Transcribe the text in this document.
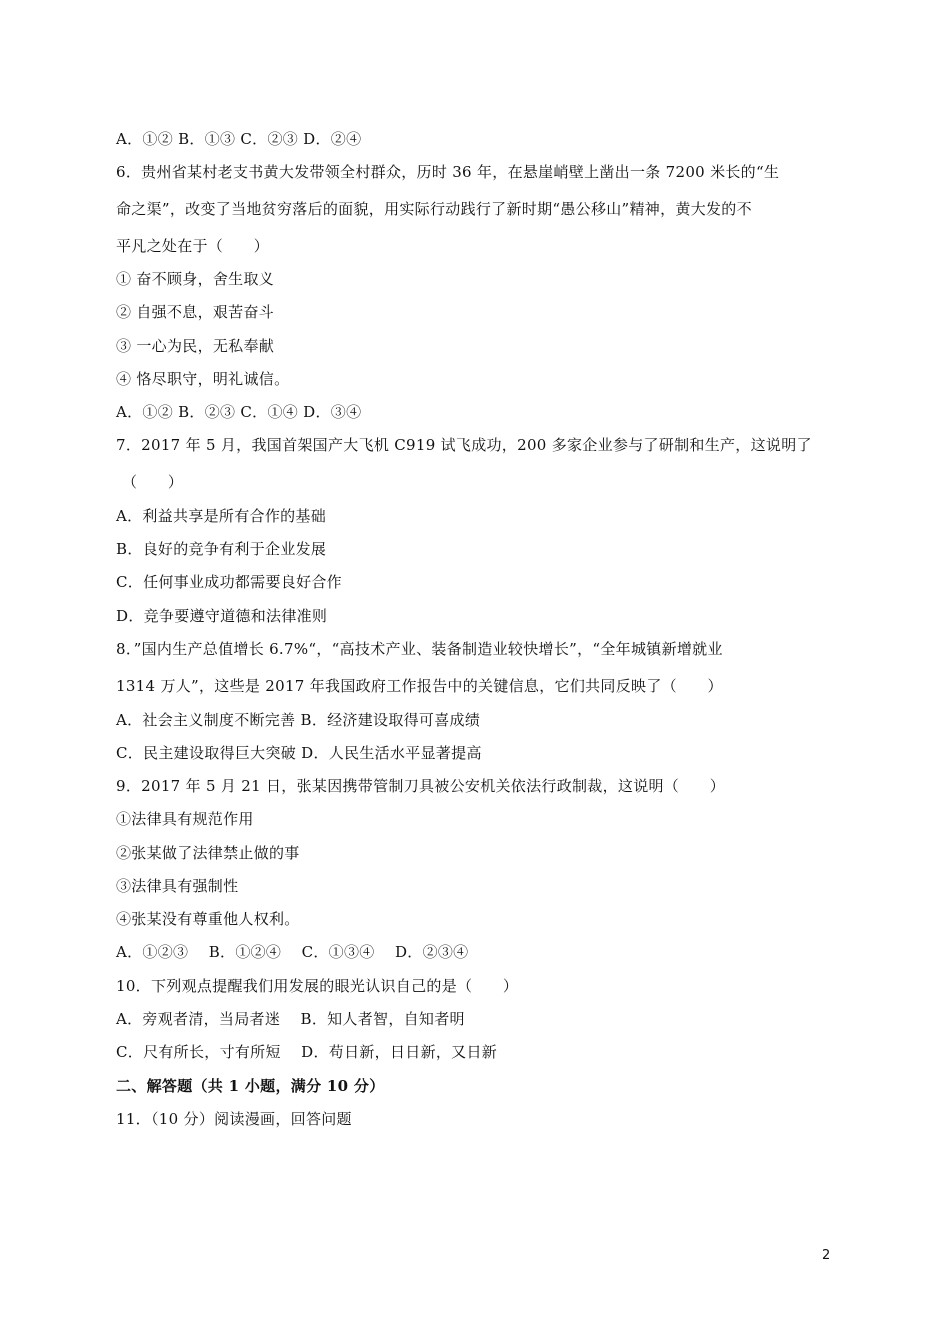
A．①② B．①③ C．②③ D．②④
6．贵州省某村老支书黄大发带领全村群众，历时 36 年，在悬崖峭壁上凿出一条 7200 米长的“生
命之渠”，改变了当地贫穷落后的面貌，用实际行动践行了新时期“愚公移山”精神，黄大发的不
平凡之处在于（　　）
① 奋不顾身，舍生取义
② 自强不息，艰苦奋斗
③ 一心为民，无私奉献
④ 恪尽职守，明礼诚信。
A．①② B．②③ C．①④ D．③④
7．2017 年 5 月，我国首架国产大飞机 C919 试飞成功，200 多家企业参与了研制和生产，这说明了
（　　）
A．利益共享是所有合作的基础
B．良好的竞争有利于企业发展
C．任何事业成功都需要良好合作
D．竞争要遵守道德和法律准则
8．”国内生产总值增长 6.7%“，“高技术产业、装备制造业较快增长”，“全年城镇新增就业
1314 万人”，这些是 2017 年我国政府工作报告中的关键信息，它们共同反映了（　　）
A．社会主义制度不断完善 B．经济建设取得可喜成绩
C．民主建设取得巨大突破 D．人民生活水平显著提高
9．2017 年 5 月 21 日，张某因携带管制刀具被公安机关依法行政制裁，这说明（　　）
①法律具有规范作用
②张某做了法律禁止做的事
③法律具有强制性
④张某没有尊重他人权利。
A．①②③　 B．①②④　 C．①③④　 D．②③④
10．下列观点提醒我们用发展的眼光认识自己的是（　　）
A．旁观者清，当局者迷　 B．知人者智，自知者明
C．尺有所长，寸有所短　 D．苟日新，日日新，又日新
二、解答题（共 1 小题，满分 10 分）
11．（10 分）阅读漫画，回答问题
2
